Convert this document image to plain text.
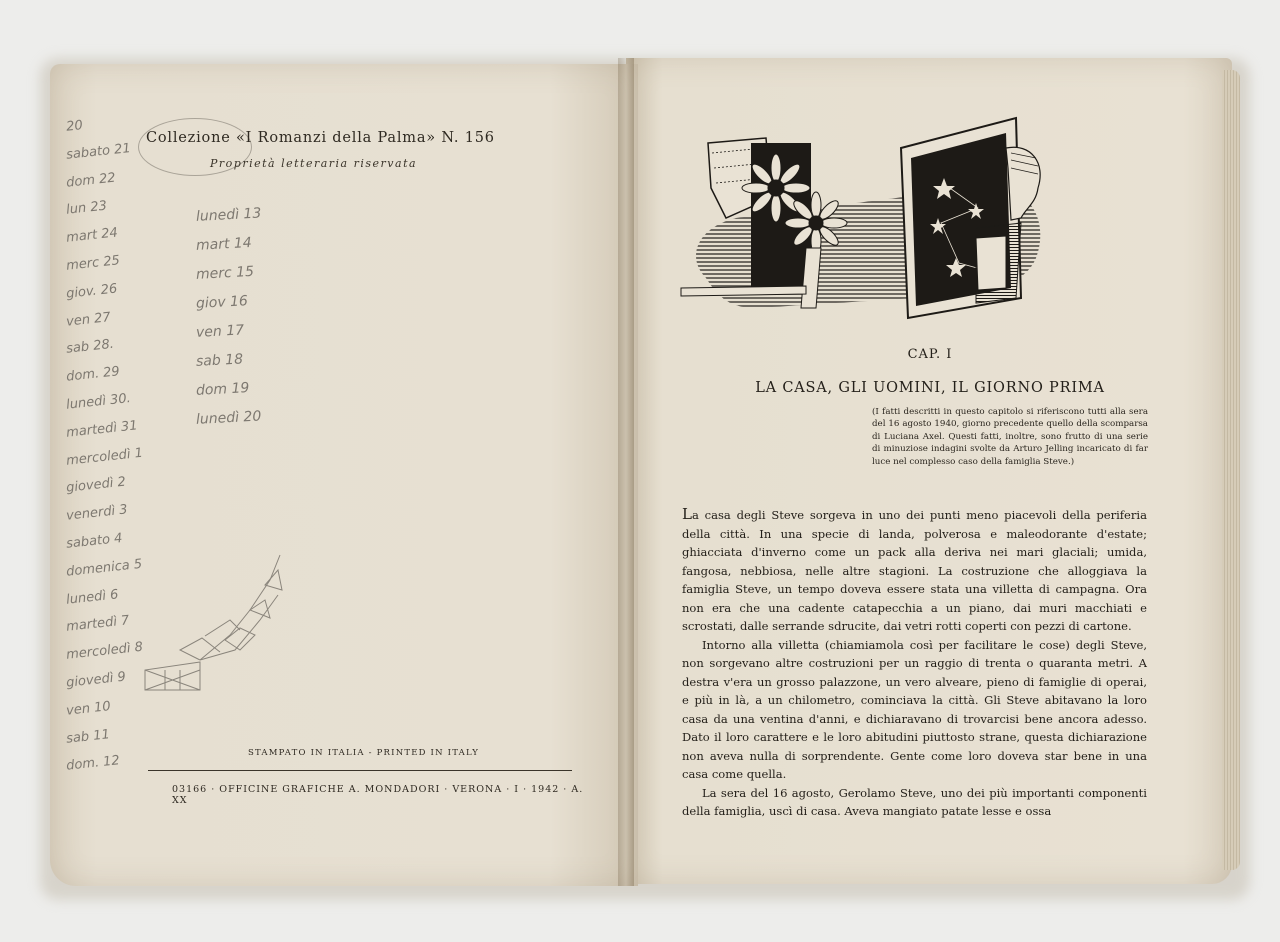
Collezione «I Romanzi della Palma» N. 156
Proprietà letteraria riservata
20
sabato 21
dom 22
lun 23
mart 24
merc 25
giov. 26
ven 27
sab 28.
dom. 29
lunedì 30.
martedì 31
mercoledì 1
giovedì 2
venerdì 3
sabato 4
domenica 5
lunedì 6
martedì 7
mercoledì 8
giovedì 9
ven 10
sab 11
dom. 12
lunedì 13
mart 14
merc 15
giov 16
ven 17
sab 18
dom 19
lunedì 20
STAMPATO IN ITALIA - PRINTED IN ITALY
03166 · OFFICINE GRAFICHE A. MONDADORI · VERONA · I · 1942 · A. XX
CAP. I
LA CASA, GLI UOMINI, IL GIORNO PRIMA
(I fatti descritti in questo capitolo si riferiscono tutti alla sera del 16 agosto 1940, giorno precedente quello della scomparsa di Luciana Axel. Questi fatti, inoltre, sono frutto di una serie di minuziose indagini svolte da Arturo Jelling incaricato di far luce nel complesso caso della famiglia Steve.)

La casa degli Steve sorgeva in uno dei punti meno piacevoli della periferia della città. In una specie di landa, polverosa e maleodorante d'estate; ghiacciata d'inverno come un pack alla deriva nei mari glaciali; umida, fangosa, nebbiosa, nelle altre stagioni. La costruzione che alloggiava la famiglia Steve, un tempo doveva essere stata una villetta di campagna. Ora non era che una cadente catapecchia a un piano, dai muri macchiati e scrostati, dalle serrande sdrucite, dai vetri rotti coperti con pezzi di cartone.

Intorno alla villetta (chiamiamola così per facilitare le cose) degli Steve, non sorgevano altre costruzioni per un raggio di trenta o quaranta metri. A destra v'era un grosso palazzone, un vero alveare, pieno di famiglie di operai, e più in là, a un chilometro, cominciava la città. Gli Steve abitavano la loro casa da una ventina d'anni, e dichiaravano di trovarcisi bene ancora adesso. Dato il loro carattere e le loro abitudini piuttosto strane, questa dichiarazione non aveva nulla di sorprendente. Gente come loro doveva star bene in una casa come quella.

La sera del 16 agosto, Gerolamo Steve, uno dei più importanti componenti della famiglia, uscì di casa. Aveva mangiato patate lesse e ossa
